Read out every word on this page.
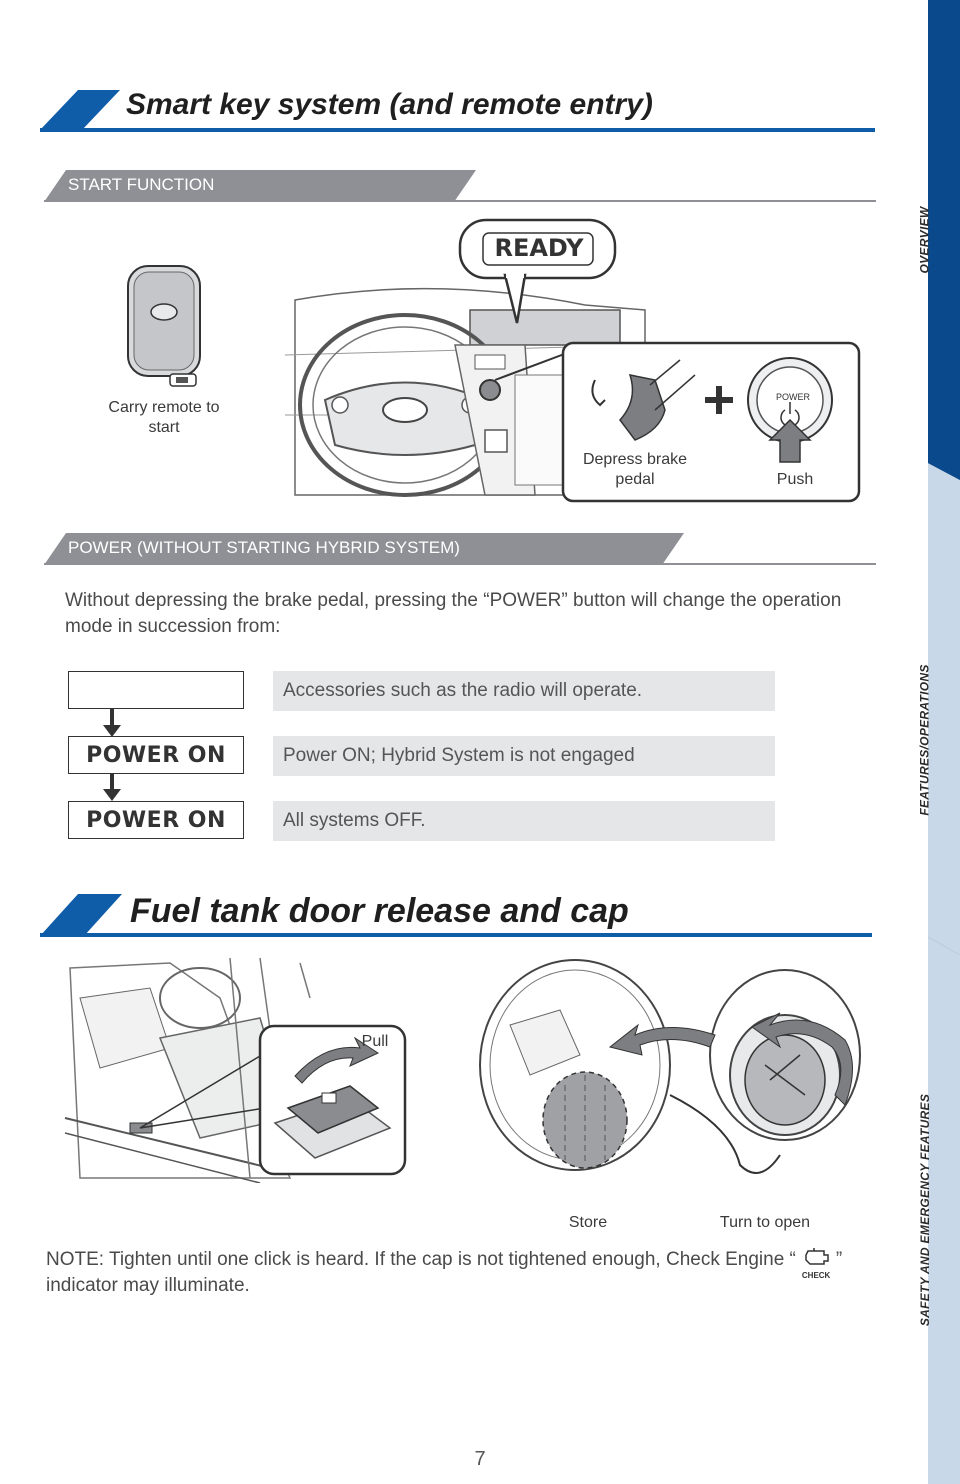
OVERVIEW
FEATURES/OPERATIONS
SAFETY AND EMERGENCY FEATURES
Smart key system (and remote entry)
START FUNCTION
Carry remote to start
READY
POWER
Depress brake pedal	Push
POWER (WITHOUT STARTING HYBRID SYSTEM)
Without depressing the brake pedal, pressing the “POWER” button will change the operation mode in succession from:
POWER ON
POWER ON
Accessories such as the radio will operate.
Power ON; Hybrid System is not engaged
All systems OFF.
Fuel tank door release and cap
Pull
Store	Turn to open
NOTE: Tighten until one click is heard. If the cap is not tightened enough, Check Engine “
CHECK
” indicator may illuminate.
7
